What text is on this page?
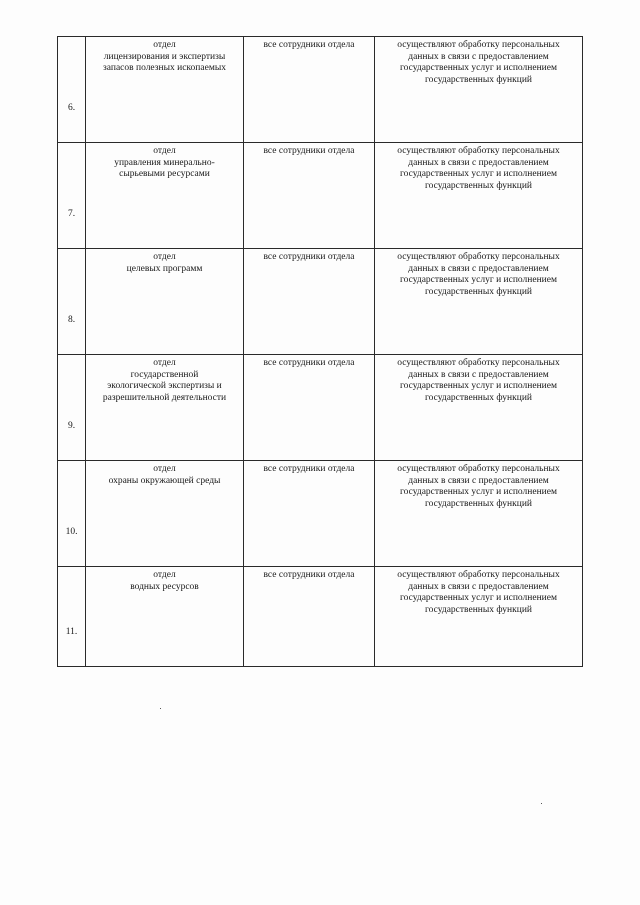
6.	отдел
лицензирования и экспертизы
запасов полезных ископаемых	все сотрудники отдела	осуществляют обработку персональных
данных в связи с предоставлением
государственных услуг и исполнением
государственных функций

7.	отдел
управления минерально-
сырьевыми ресурсами	все сотрудники отдела	осуществляют обработку персональных
данных в связи с предоставлением
государственных услуг и исполнением
государственных функций

8.	отдел
целевых программ	все сотрудники отдела	осуществляют обработку персональных
данных в связи с предоставлением
государственных услуг и исполнением
государственных функций

9.	отдел
государственной
экологической экспертизы и
разрешительной деятельности	все сотрудники отдела	осуществляют обработку персональных
данных в связи с предоставлением
государственных услуг и исполнением
государственных функций

10.	отдел
охраны окружающей среды	все сотрудники отдела	осуществляют обработку персональных
данных в связи с предоставлением
государственных услуг и исполнением
государственных функций

11.	отдел
водных ресурсов	все сотрудники отдела	осуществляют обработку персональных
данных в связи с предоставлением
государственных услуг и исполнением
государственных функций
